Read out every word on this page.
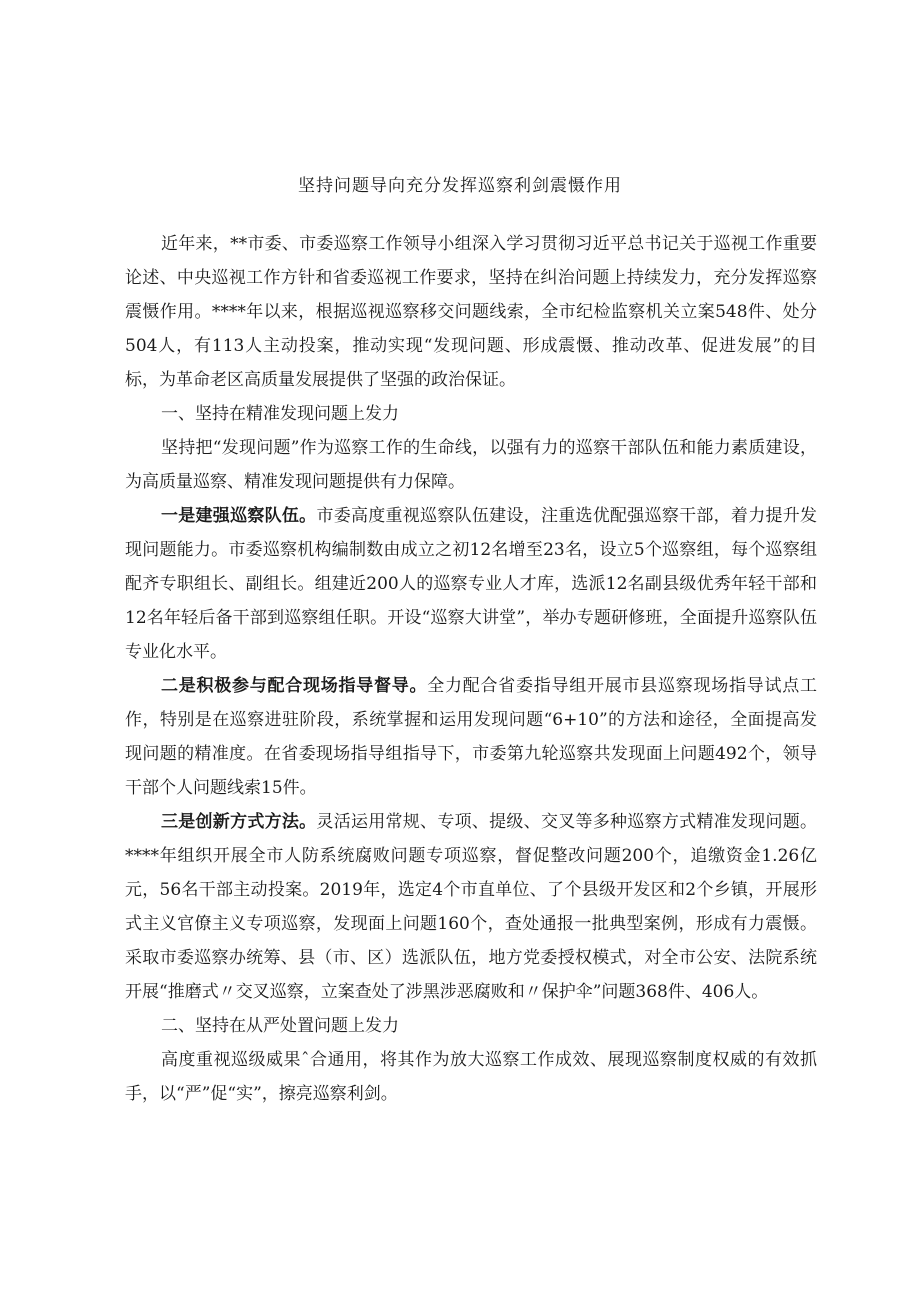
坚持问题导向充分发挥巡察利剑震慑作用

近年来，**市委、市委巡察工作领导小组深入学习贯彻习近平总书记关于巡视工作重要论述、中央巡视工作方针和省委巡视工作要求，坚持在纠治问题上持续发力，充分发挥巡察震慑作用。****年以来，根据巡视巡察移交问题线索，全市纪检监察机关立案548件、处分504人，有113人主动投案，推动实现“发现问题、形成震慑、推动改革、促进发展”的目标，为革命老区高质量发展提供了坚强的政治保证。

一、坚持在精准发现问题上发力

坚持把“发现问题”作为巡察工作的生命线，以强有力的巡察干部队伍和能力素质建设，为高质量巡察、精准发现问题提供有力保障。

一是建强巡察队伍。市委高度重视巡察队伍建设，注重选优配强巡察干部，着力提升发现问题能力。市委巡察机构编制数由成立之初12名增至23名，设立5个巡察组，每个巡察组配齐专职组长、副组长。组建近200人的巡察专业人才库，选派12名副县级优秀年轻干部和12名年轻后备干部到巡察组任职。开设“巡察大讲堂”，举办专题研修班，全面提升巡察队伍专业化水平。

二是积极参与配合现场指导督导。全力配合省委指导组开展市县巡察现场指导试点工作，特别是在巡察进驻阶段，系统掌握和运用发现问题“6+10”的方法和途径，全面提高发现问题的精准度。在省委现场指导组指导下，市委第九轮巡察共发现面上问题492个，领导干部个人问题线索15件。

三是创新方式方法。灵活运用常规、专项、提级、交叉等多种巡察方式精准发现问题。****年组织开展全市人防系统腐败问题专项巡察，督促整改问题200个，追缴资金1.26亿元，56名干部主动投案。2019年，选定4个市直单位、了个县级开发区和2个乡镇，开展形式主义官僚主义专项巡察，发现面上问题160个，查处通报一批典型案例，形成有力震慑。采取市委巡察办统筹、县（市、区）选派队伍，地方党委授权模式，对全市公安、法院系统开展“推磨式〃交叉巡察，立案查处了涉黑涉恶腐败和〃保护伞”问题368件、406人。

二、坚持在从严处置问题上发力

高度重视巡级威果ˆ合通用，将其作为放大巡察工作成效、展现巡察制度权威的有效抓手，以“严”促“实”，擦亮巡察利剑。
